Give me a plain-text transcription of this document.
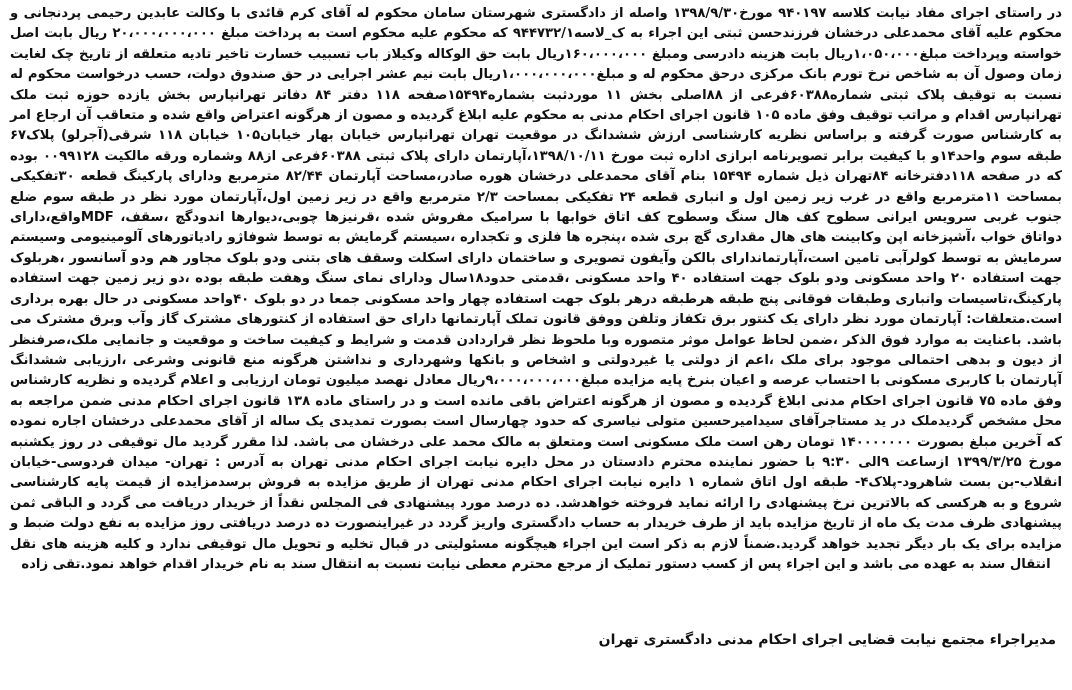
در راستای اجرای مفاد نیابت کلاسه ۹۴۰۱۹۷ مورخ۱۳۹۸/۹/۳۰ واصله از دادگستری شهرستان سامان محکوم له آقای کرم قائدی با وکالت عابدین رحیمی پردنجانی و محکوم علیه آقای محمدعلی درخشان فرزندحسن ثبتی این اجراء به ک_لاسه۹۴۴۷۳۲/۱ که محکوم علیه محکوم است به پرداخت مبلغ ۲۰،۰۰۰،۰۰۰،۰۰۰ ریال بابت اصل خواسته وپرداخت مبلغ۱،۰۵۰،۰۰۰ریال بابت هزینه دادرسی ومبلغ ۱۶۰،۰۰۰،۰۰۰ریال بابت حق الوکاله وکیلاز باب تسبیب خسارت تاخیر تادیه متعلقه از تاریخ چک لغایت زمان وصول آن به شاخص نرخ تورم بانک مرکزی درحق محکوم له و مبلغ۱،۰۰۰،۰۰۰،۰۰۰ریال بابت نیم عشر اجرایی در حق صندوق دولت، حسب درخواست محکوم له نسبت به توقیف پلاک ثبتی شماره۶۰۳۸۸فرعی از ۸۸اصلی بخش ۱۱ موردثبت بشماره۱۵۴۹۴صفحه ۱۱۸ دفتر ۸۴ دفاتر تهرانپارس بخش یازده حوزه ثبت ملک تهرانپارس اقدام و مراتب توقیف وفق ماده ۱۰۵ قانون اجرای احکام مدنی به محکوم علیه ابلاغ گردیده و مصون از هرگونه اعتراض واقع شده و متعاقب آن ارجاع امر به کارشناس صورت گرفته و براساس نظریه کارشناسی ارزش ششدانگ در موقعیت تهران تهرانپارس خیابان بهار خیابان۱۰۵ خیابان ۱۱۸ شرقی(آجرلو) پلاک۶۷ طبقه سوم واحد۱۴و با کیفیت برابر تصویرنامه ابرازی اداره ثبت مورخ ۱۳۹۸/۱۰/۱۱،آپارتمان دارای پلاک ثبتی ۶۰۳۸۸فرعی از۸۸ وشماره ورقه مالکیت ۰۰۹۹۱۲۸ بوده که در صفحه ۱۱۸دفترخانه ۸۴تهران ذیل شماره ۱۵۴۹۴ بنام آقای محمدعلی درخشان هوره صادر،مساحت آپارتمان ۸۲/۴۴ مترمربع ودارای پارکینگ قطعه ۳۰تفکیکی بمساحت ۱۱مترمربع واقع در غرب زیر زمین اول و انباری قطعه ۲۴ تفکیکی بمساحت ۲/۳ مترمربع واقع در زیر زمین اول،آپارتمان مورد نظر در طبقه سوم ضلع جنوب غربی سرویس ایرانی سطوح کف هال سنگ وسطوح کف اتاق خوابها با سرامیک مفروش شده ،قرنیزها چوبی،دیوارها اندودگچ ،سقف، MDFواقع،دارای دواتاق خواب ،آشپزخانه اپن وکابینت های هال مقداری گچ بری شده ،پنجره ها فلزی و تکجداره ،سیستم گرمایش به توسط شوفاژو رادیاتورهای آلومینیومی وسیستم سرمایش به توسط کولرآبی تامین است،آپارتماندارای بالکن وآیفون تصویری و ساختمان دارای اسکلت وسقف های بتنی ودو بلوک مجاور هم ودو آسانسور ،هربلوک جهت استفاده ۲۰ واحد مسکونی ودو بلوک جهت استفاده ۴۰ واحد مسکونی ،قدمتی حدود۱۸سال ودارای نمای سنگ وهفت طبقه بوده ،دو زیر زمین جهت استفاده پارکینگ،تاسیسات وانباری وطبقات فوقانی پنج طبقه هرطبقه درهر بلوک جهت استفاده چهار واحد مسکونی جمعا در دو بلوک ۴۰واحد مسکونی در حال بهره برداری است.متعلقات: آپارتمان مورد نظر دارای یک کنتور برق تکفاز وتلفن ووفق قانون تملک آپارتمانها دارای حق استفاده از کنتورهای مشترک گاز وآب وبرق مشترک می باشد. باعنایت به موارد فوق الذکر ،ضمن لحاظ عوامل موثر متصوره وبا ملحوظ نظر قراردادن قدمت و شرایط و کیفیت ساخت و موقعیت و جانمایی ملک،صرفنظر از دیون و بدهی احتمالی موجود برای ملک ،اعم از دولتی یا غیردولتی و اشخاص و بانکها وشهرداری و نداشتن هرگونه منع قانونی وشرعی ،ارزیابی ششدانگ آپارتمان با کاربری مسکونی با احتساب عرصه و اعیان بنرخ پایه مزایده مبلغ۹،۰۰۰،۰۰۰،۰۰۰ریال معادل نهصد میلیون تومان ارزیابی و اعلام گردیده و نظریه کارشناس وفق ماده ۷۵ قانون اجرای احکام مدنی ابلاغ گردیده و مصون از هرگونه اعتراض باقی مانده است و در راستای ماده ۱۳۸ قانون اجرای احکام مدنی ضمن مراجعه به محل مشخص گردیدملک در ید مستاجرآقای سیدامیرحسین متولی نیاسری که حدود چهارسال است بصورت تمدیدی یک ساله از آقای محمدعلی درخشان اجاره نموده که آخرین مبلغ بصورت ۱۴۰۰۰۰۰۰۰ تومان رهن است ملک مسکونی است ومتعلق به مالک محمد علی درخشان می باشد. لذا مقرر گردید مال توقیفی در روز یکشنبه مورخ ۱۳۹۹/۳/۲۵ ازساعت ۹الی ۹:۳۰ با حضور نماینده محترم دادستان در محل دایره نیابت اجرای احکام مدنی تهران به آدرس : تهران- میدان فردوسی-خیابان انقلاب-بن بست شاهرود-پلاک۴- طبقه اول اتاق شماره ۱ دایره نیابت اجرای احکام مدنی تهران از طریق مزایده به فروش برسدمزایده از قیمت پایه کارشناسی شروع و به هرکسی که بالاترین نرخ پیشنهادی را ارائه نماید فروخته خواهدشد. ده درصد مورد پیشنهادی فی المجلس نقداً از خریدار دریافت می گردد و الباقی ثمن پیشنهادی ظرف مدت یک ماه از تاریخ مزایده باید از طرف خریدار به حساب دادگستری واریز گردد در غیراینصورت ده درصد دریافتی روز مزایده به نفع دولت ضبط و مزایده برای یک بار دیگر تجدید خواهد گردید.ضمناً لازم به ذکر است این اجراء هیچگونه مسئولیتی در قبال تخلیه و تحویل مال توقیفی ندارد و کلیه هزینه های نقل انتقال سند به عهده می باشد و این اجراء پس از کسب دستور تملیک از مرجع محترم معطی نیابت نسبت به انتقال سند به نام خریدار اقدام خواهد نمود.تقی زاده
مدیراجراء مجتمع نیابت قضایی اجرای احکام مدنی دادگستری تهران
